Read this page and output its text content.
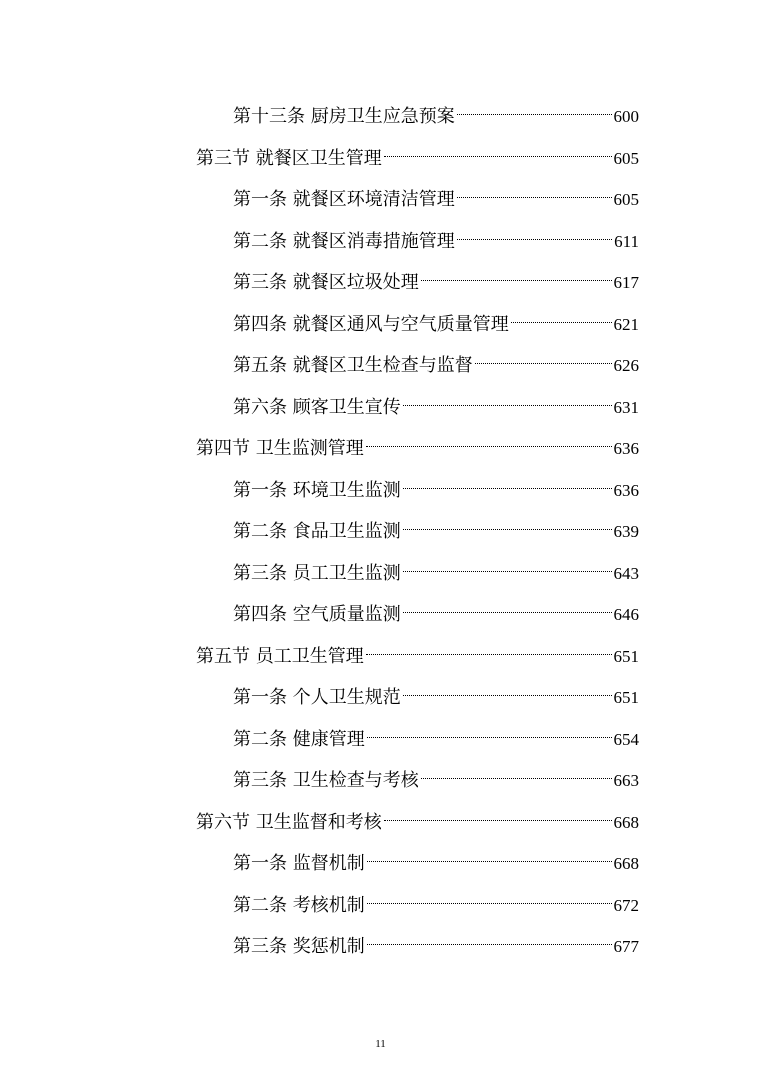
第十三条 厨房卫生应急预案	600
第三节 就餐区卫生管理	605
第一条 就餐区环境清洁管理	605
第二条 就餐区消毒措施管理	611
第三条 就餐区垃圾处理	617
第四条 就餐区通风与空气质量管理	621
第五条 就餐区卫生检查与监督	626
第六条 顾客卫生宣传	631
第四节 卫生监测管理	636
第一条 环境卫生监测	636
第二条 食品卫生监测	639
第三条 员工卫生监测	643
第四条 空气质量监测	646
第五节 员工卫生管理	651
第一条 个人卫生规范	651
第二条 健康管理	654
第三条 卫生检查与考核	663
第六节 卫生监督和考核	668
第一条 监督机制	668
第二条 考核机制	672
第三条 奖惩机制	677
11
